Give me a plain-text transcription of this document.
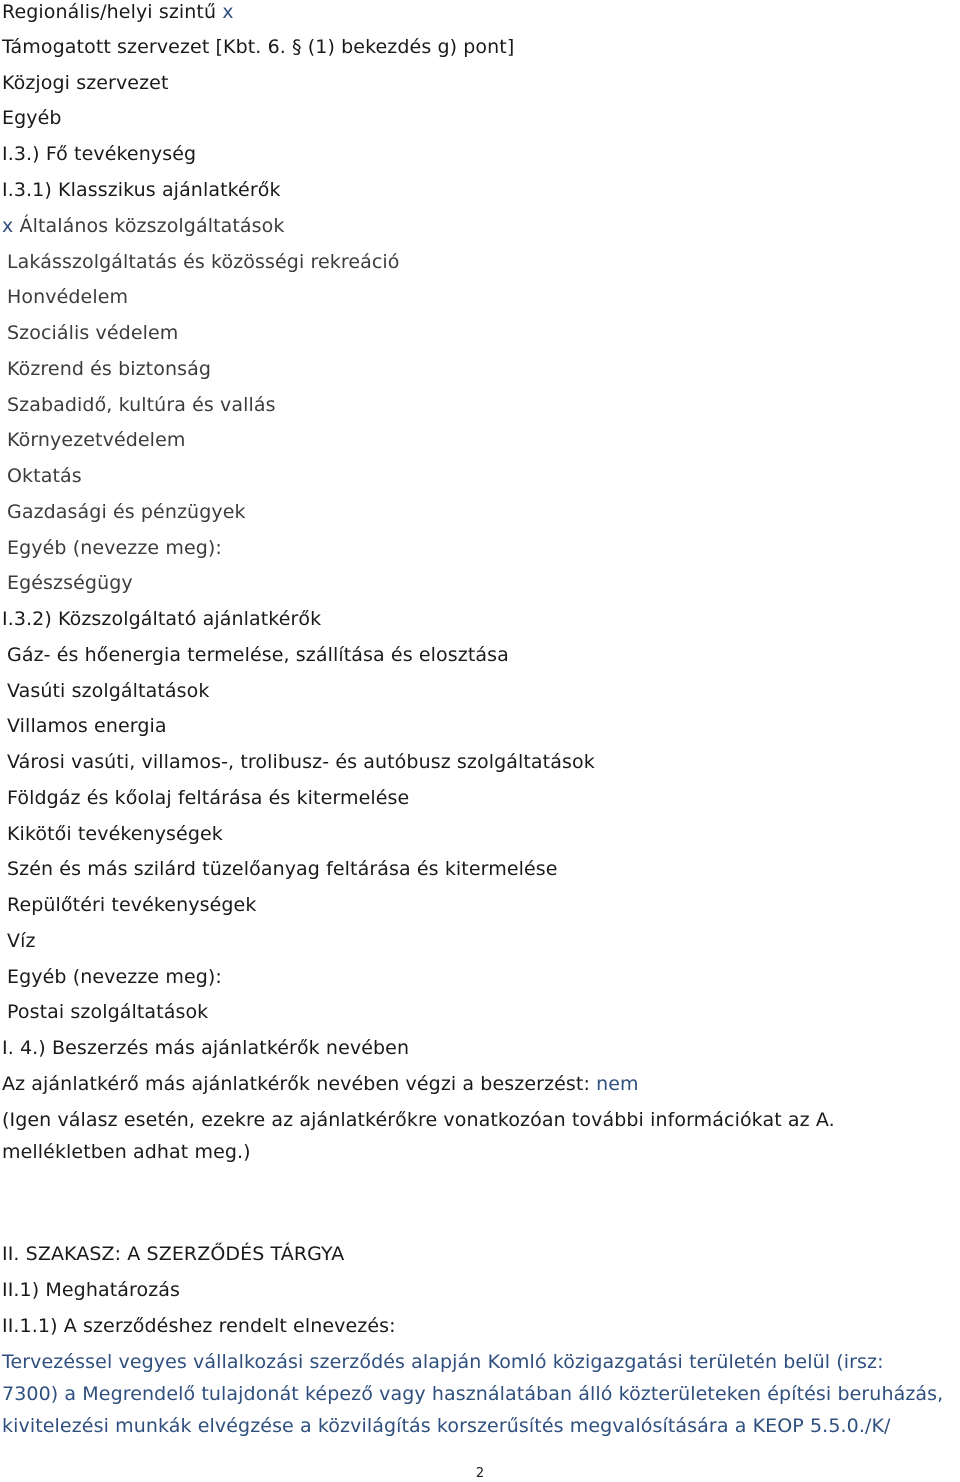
Regionális/helyi szintű x
Támogatott szervezet [Kbt. 6. § (1) bekezdés g) pont]
Közjogi szervezet
Egyéb
I.3.) Fő tevékenység
I.3.1) Klasszikus ajánlatkérők
x Általános közszolgáltatások
Lakásszolgáltatás és közösségi rekreáció
Honvédelem
Szociális védelem
Közrend és biztonság
Szabadidő, kultúra és vallás
Környezetvédelem
Oktatás
Gazdasági és pénzügyek
Egyéb (nevezze meg):
Egészségügy
I.3.2) Közszolgáltató ajánlatkérők
Gáz- és hőenergia termelése, szállítása és elosztása
Vasúti szolgáltatások
Villamos energia
Városi vasúti, villamos-, trolibusz- és autóbusz szolgáltatások
Földgáz és kőolaj feltárása és kitermelése
Kikötői tevékenységek
Szén és más szilárd tüzelőanyag feltárása és kitermelése
Repülőtéri tevékenységek
Víz
Egyéb (nevezze meg):
Postai szolgáltatások
I. 4.) Beszerzés más ajánlatkérők nevében
Az ajánlatkérő más ajánlatkérők nevében végzi a beszerzést: nem
(Igen válasz esetén, ezekre az ajánlatkérőkre vonatkozóan további információkat az A.
mellékletben adhat meg.)
II. SZAKASZ: A SZERZŐDÉS TÁRGYA
II.1) Meghatározás
II.1.1) A szerződéshez rendelt elnevezés:
Tervezéssel vegyes vállalkozási szerződés alapján Komló közigazgatási területén belül (irsz:
7300) a Megrendelő tulajdonát képező vagy használatában álló közterületeken építési beruházás,
kivitelezési munkák elvégzése a közvilágítás korszerűsítés megvalósítására a KEOP 5.5.0./K/
2
